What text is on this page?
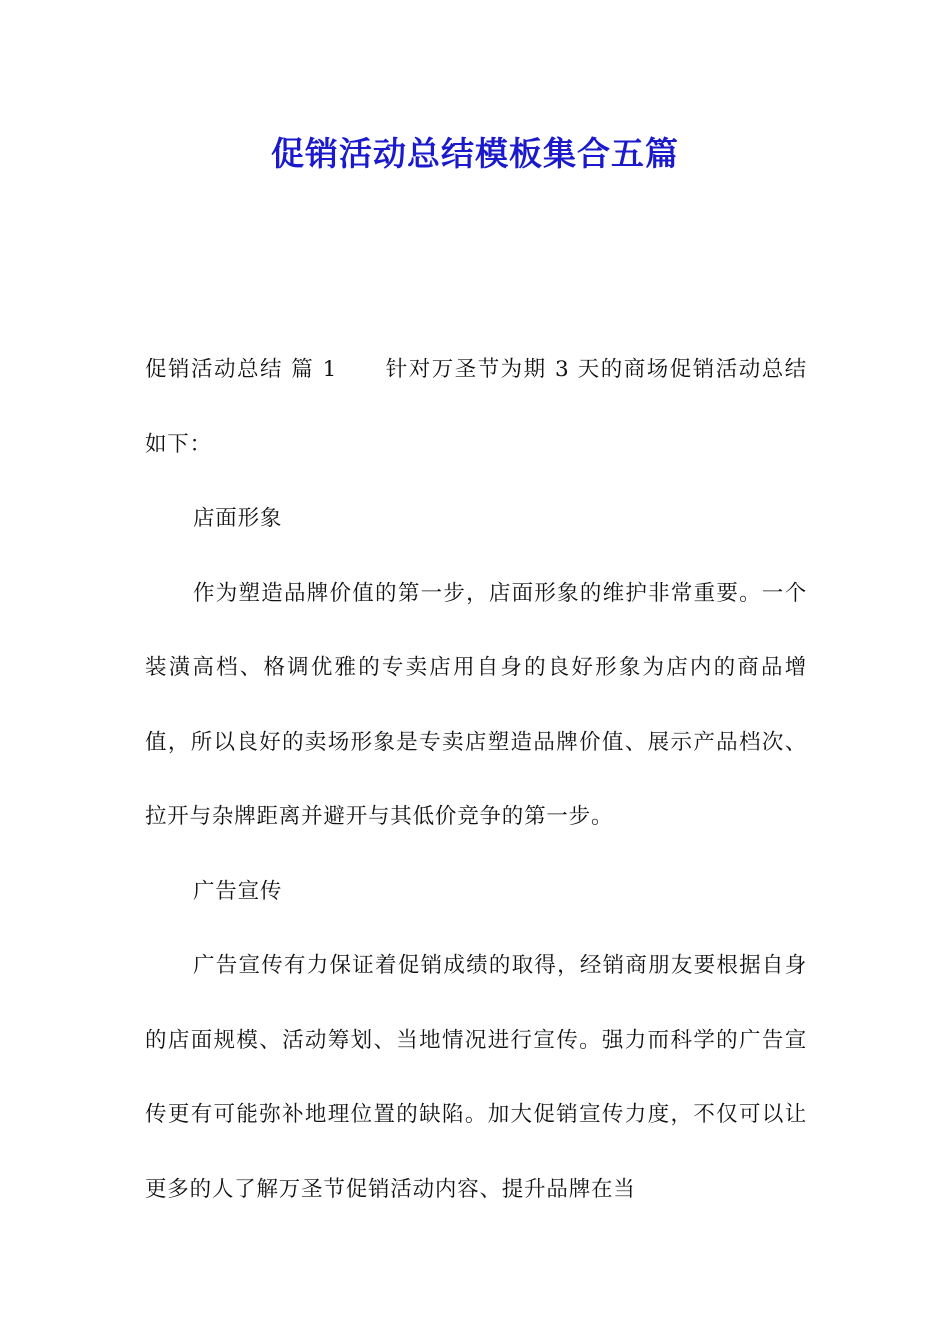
促销活动总结模板集合五篇

促销活动总结 篇 1 针对万圣节为期 3 天的商场促销活动总结如下：

店面形象

作为塑造品牌价值的第一步，店面形象的维护非常重要。一个装潢高档、格调优雅的专卖店用自身的良好形象为店内的商品增值，所以良好的卖场形象是专卖店塑造品牌价值、展示产品档次、拉开与杂牌距离并避开与其低价竞争的第一步。

广告宣传

广告宣传有力保证着促销成绩的取得，经销商朋友要根据自身的店面规模、活动筹划、当地情况进行宣传。强力而科学的广告宣传更有可能弥补地理位置的缺陷。加大促销宣传力度，不仅可以让更多的人了解万圣节促销活动内容、提升品牌在当
